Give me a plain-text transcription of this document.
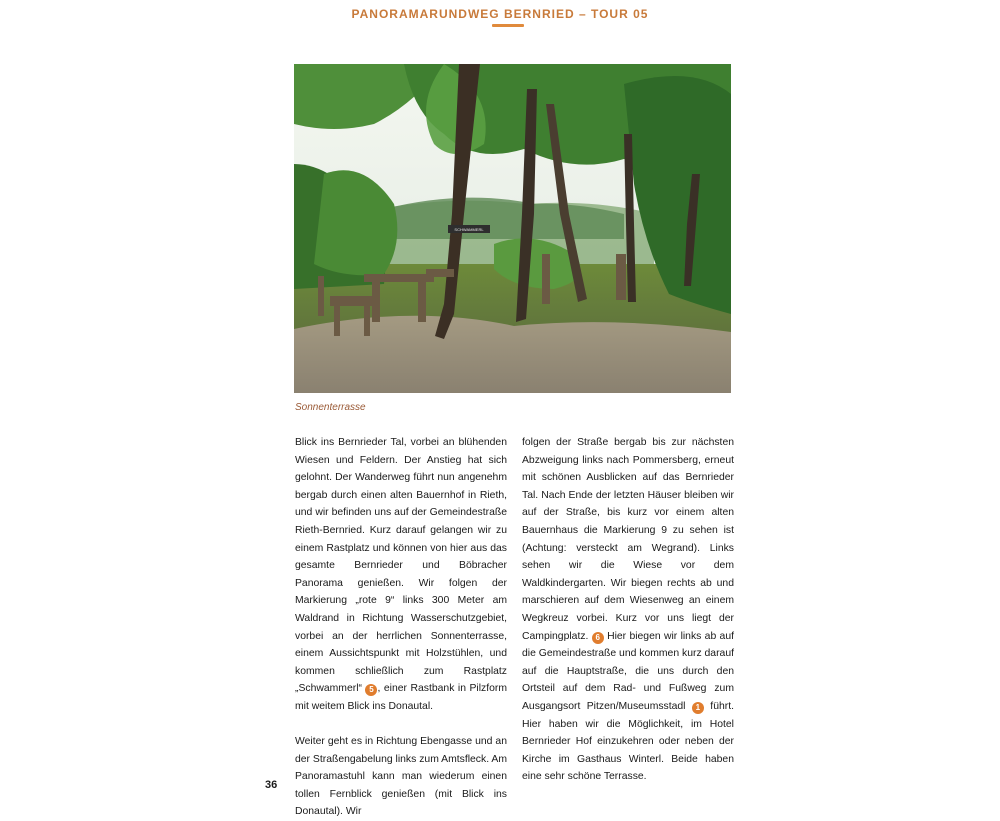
PANORAMARUNDWEG BERNRIED – TOUR 05
SCHWAMMERL
Sonnenterrasse

Blick ins Bernrieder Tal, vorbei an blühenden Wiesen und Feldern. Der Anstieg hat sich gelohnt. Der Wanderweg führt nun angenehm bergab durch einen alten Bauernhof in Rieth, und wir befinden uns auf der Gemeindestraße Rieth-Bernried. Kurz darauf gelangen wir zu einem Rastplatz und können von hier aus das gesamte Bernrieder und Böbracher Panorama genießen. Wir folgen der Markierung „rote 9“ links 300 Meter am Waldrand in Richtung Wasserschutzgebiet, vorbei an der herrlichen Sonnenterrasse, einem Aussichtspunkt mit Holzstühlen, und kommen schließlich zum Rastplatz „Schwammerl“ 5 , einer Rastbank in Pilzform mit weitem Blick ins Donautal.

Weiter geht es in Richtung Ebengasse und an der Straßengabelung links zum Amtsfleck. Am Panoramastuhl kann man wiederum einen tollen Fernblick genießen (mit Blick ins Donautal). Wir

folgen der Straße bergab bis zur nächsten Abzweigung links nach Pommersberg, erneut mit schönen Ausblicken auf das Bernrieder Tal. Nach Ende der letzten Häuser bleiben wir auf der Straße, bis kurz vor einem alten Bauernhaus die Markierung 9 zu sehen ist (Achtung: versteckt am Wegrand). Links sehen wir die Wiese vor dem Waldkindergarten. Wir biegen rechts ab und marschieren auf dem Wiesenweg an einem Wegkreuz vorbei. Kurz vor uns liegt der Campingplatz. 6 Hier biegen wir links ab auf die Gemeindestraße und kommen kurz darauf auf die Hauptstraße, die uns durch den Ortsteil auf dem Rad- und Fußweg zum Ausgangsort Pitzen/Museumsstadl 1 führt. Hier haben wir die Möglichkeit, im Hotel Bernrieder Hof einzukehren oder neben der Kirche im Gasthaus Winterl. Beide haben eine sehr schöne Terrasse.

36
